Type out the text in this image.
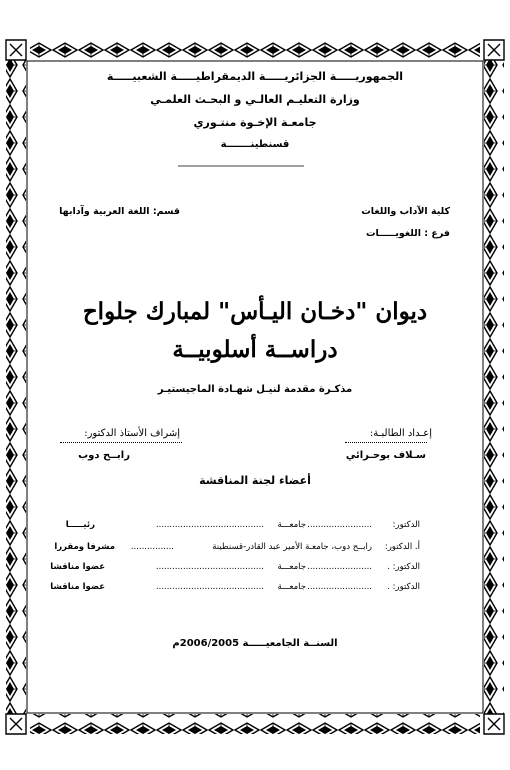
الجمهوريـــــة الجزائريـــــة الديمقراطيـــــة الشعبيـــــة
وزارة التعليـم العالـي و البحـث العلمـي
جامعـة الإخـوة منتـوري
قسنطينـــــــة
كلية الآداب واللغات
فرع : اللغويـــــات
قسم: اللغة العربية وآدابها
ديوان "دخـان اليـأس" لمبارك جلواح
دراســة أسلوبيــة
مذكـرة مقدمة لنيـل شهـادة الماجيستيـر
إعـداد الطالبـة:
إشراف الأستاذ الدكتور:
سـلاف بوحـرائي
رابــح دوب
أعضاء لجنة المناقشة
الدكتور:
........................
جامعـــة
........................................
رئيـــــا
أ. الدكتور:
رابــح دوب، جامعـة الأمير عبد القادر-قسنطينة
................
مشرفا ومقررا
الدكتور: .
........................
جامعـــة
........................................
عضوا مناقشا
الدكتور: .
........................
جامعـــة
........................................
عضوا مناقشا
السنــة الجامعيـــــة 2006/2005م
